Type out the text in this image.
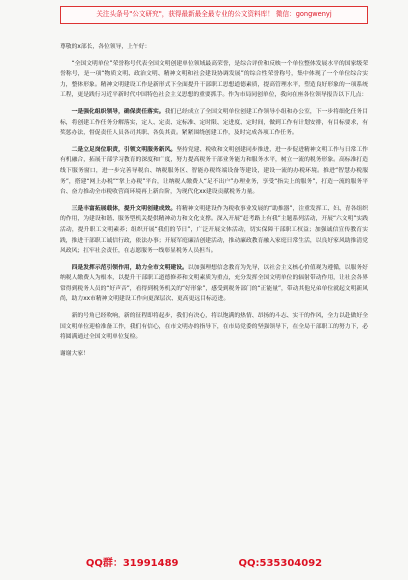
关注头条号"公文研究"，获得最新最全最专业的公文资料库！ 微信：gongwenyj
尊敬的x部长，各位领导，上午好：

“全国文明单位”荣誉称号代表全国文明创建单位领域最高荣誉，是综合评价和反映一个单位整体发展水平的国家级荣誉称号，是一项“物质文明、政治文明、精神文明和社会建设协调发展”的综合性荣誉称号，集中体现了一个单位综合实力，整体形象。精神文明建设工作是新形式下全面提升干部职工思想道德素质，提高管理水平，塑造良好形象的一项系统工程，更是践行习近平新时代中国特色社会主义思想的重要抓手。作为市局同创单位，我向在座各位领导报告以下几点：

一是强化组织领导，确保责任落实。我们已经成立了全国文明单位创建工作领导小组和办公室，下一步将细化任务目标，将创建工作任务分解落实，定人、定责、定标准、定时限、定进度、定时间，做到工作有计划安排，有目标要求，有奖惩办法，督促责任人员各司其职、各负其责。紧紧围绕创建工作，及时完成各项工作任务。

二是立足岗位职责，引领文明服务新风。坚持党建、税收和文明创建同步推进，进一步促进精神文明工作与日常工作有机融合，拓展干部学习教育的深度和广度，努力提高税务干部业务能力和服务水平，树立一流的税务形象。高标准打造线下服务窗口，进一步完善导税台、纳税服务区、智能办税终端设备等建设，建设一流的办税环境。推进“智慧办税服务”，搭建“网上办税”“掌上办税”平台，让纳税人缴费人“足不出户”办理业务，享受“指尖上的服务”，打造一流的服务平台、奋力推动全市税收营商环境再上新台阶，为现代化xx建设贡献税务力量。

三是丰富拓展载体，提升文明创建成效。将精神文明建设作为税收事业发展的“助推器”，注重发挥工、妇、青各组织的作用，为建设和谐、服务型机关提供精神动力和文化支撑。深入开展“赶考路上有我”主题系列活动，开展“六文明”实践活动，提升职工文明素养；组织开展“我们的节日”，广泛开展文体活动，切实保障干部职工权益；加强诚信宣传教育实践，推进干部职工诚信行政，依法办事；开展军庭廉洁创建活动，推动廉政教育融入家庭日常生活，以良好家风助推清党风政风；扛牢社会责任，在志愿服务一线彰显税务人员担当。

四是发挥示范引领作用，助力全市文明建设。以加强理想信念教育为先导，以社会主义核心价值观为遵循，以服务好纳税人缴费人为根本，以提升干部职工道德修养和文明素质为重点，充分发挥全国文明单位的辐射带动作用，让社会各界常得到税务人员的“好声音”，看得到税务机关的“好形象”，感受到税务部门的“正能量”，带动其他兄弟单位就起文明新风尚，助力xx市精神文明建设工作向更深层次、更高更远目标迈进。

新的号角已经吹响，新的征程即将起步，我们有决心，将以饱满的热情、昂扬的斗志、实干的作风，全力以赴做好全国文明单位迎检准备工作，我们有信心，在市文明办的指导下，在市局党委的坚强领导下，在全局干部职工的努力下，必将圆满通过全国文明单位复检。

谢谢大家！

QQ群：31991489	QQ:535304092
